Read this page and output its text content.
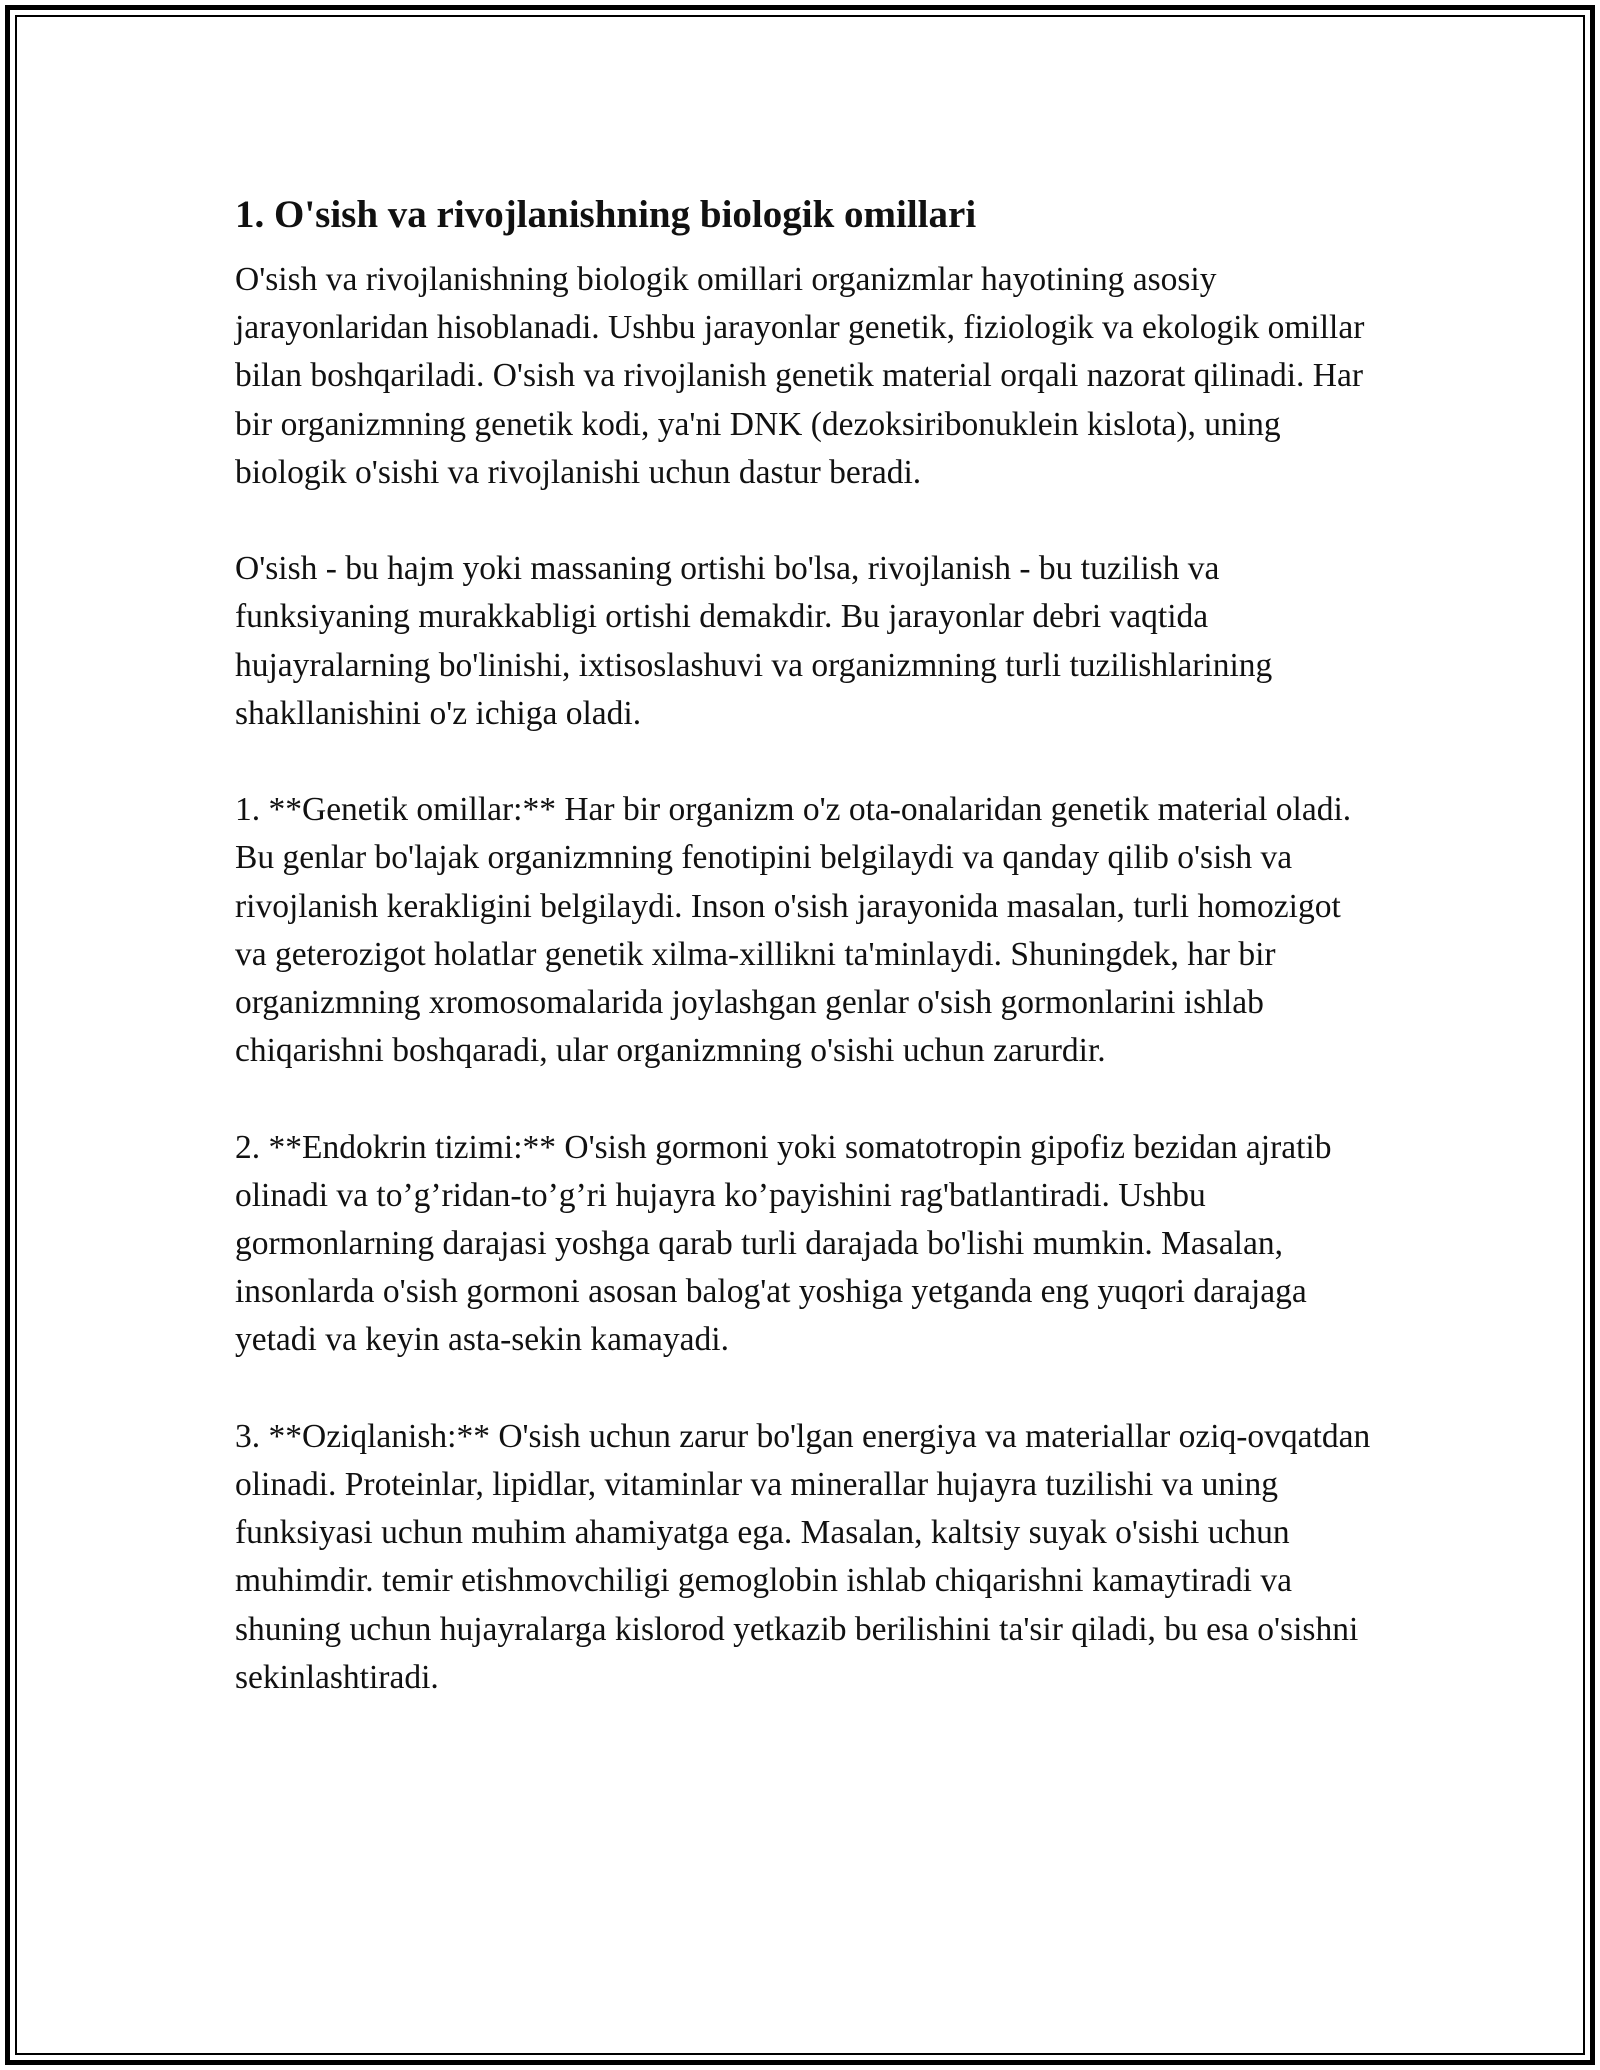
1. O'sish va rivojlanishning biologik omillari

O'sish va rivojlanishning biologik omillari organizmlar hayotining asosiy jarayonlaridan hisoblanadi. Ushbu jarayonlar genetik, fiziologik va ekologik omillar bilan boshqariladi. O'sish va rivojlanish genetik material orqali nazorat qilinadi. Har bir organizmning genetik kodi, ya'ni DNK (dezoksiribonuklein kislota), uning biologik o'sishi va rivojlanishi uchun dastur beradi.

O'sish - bu hajm yoki massaning ortishi bo'lsa, rivojlanish - bu tuzilish va funksiyaning murakkabligi ortishi demakdir. Bu jarayonlar debri vaqtida hujayralarning bo'linishi, ixtisoslashuvi va organizmning turli tuzilishlarining shakllanishini o'z ichiga oladi.

1. **Genetik omillar:** Har bir organizm o'z ota-onalaridan genetik material oladi. Bu genlar bo'lajak organizmning fenotipini belgilaydi va qanday qilib o'sish va rivojlanish kerakligini belgilaydi. Inson o'sish jarayonida masalan, turli homozigot va geterozigot holatlar genetik xilma-xillikni ta'minlaydi. Shuningdek, har bir organizmning xromosomalarida joylashgan genlar o'sish gormonlarini ishlab chiqarishni boshqaradi, ular organizmning o'sishi uchun zarurdir.

2. **Endokrin tizimi:** O'sish gormoni yoki somatotropin gipofiz bezidan ajratib olinadi va to’g’ridan-to’g’ri hujayra ko’payishini rag'batlantiradi. Ushbu gormonlarning darajasi yoshga qarab turli darajada bo'lishi mumkin. Masalan, insonlarda o'sish gormoni asosan balog'at yoshiga yetganda eng yuqori darajaga yetadi va keyin asta-sekin kamayadi.

3. **Oziqlanish:** O'sish uchun zarur bo'lgan energiya va materiallar oziq-ovqatdan olinadi. Proteinlar, lipidlar, vitaminlar va minerallar hujayra tuzilishi va uning funksiyasi uchun muhim ahamiyatga ega. Masalan, kaltsiy suyak o'sishi uchun muhimdir. temir etishmovchiligi gemoglobin ishlab chiqarishni kamaytiradi va shuning uchun hujayralarga kislorod yetkazib berilishini ta'sir qiladi, bu esa o'sishni sekinlashtiradi.
